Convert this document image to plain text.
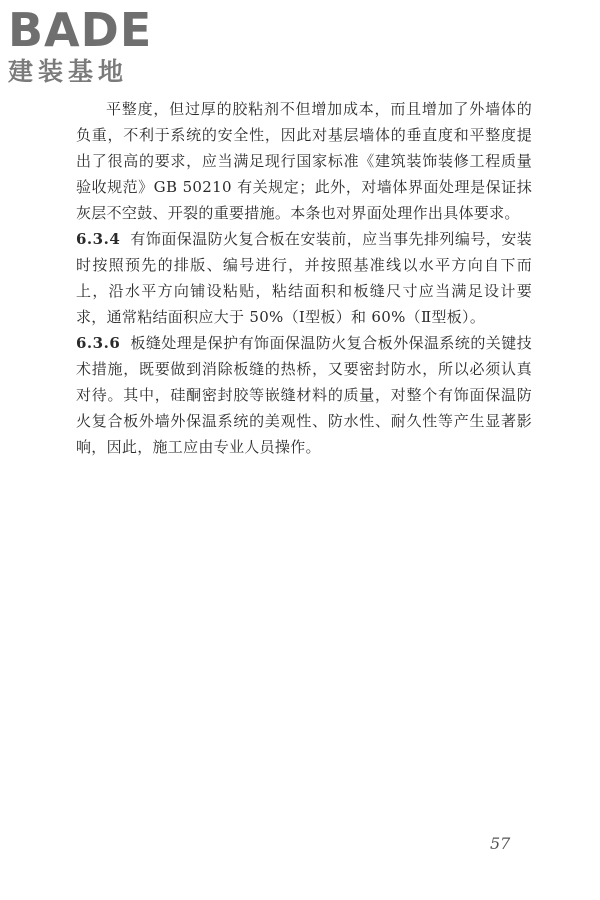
BADE
建装基地

平整度，但过厚的胶粘剂不但增加成本，而且增加了外墙体的负重，不利于系统的安全性，因此对基层墙体的垂直度和平整度提出了很高的要求，应当满足现行国家标准《建筑装饰装修工程质量验收规范》GB 50210 有关规定；此外，对墙体界面处理是保证抹灰层不空鼓、开裂的重要措施。本条也对界面处理作出具体要求。

6.3.4 有饰面保温防火复合板在安装前，应当事先排列编号，安装时按照预先的排版、编号进行，并按照基准线以水平方向自下而上，沿水平方向铺设粘贴，粘结面积和板缝尺寸应当满足设计要求，通常粘结面积应大于 50%（Ⅰ型板）和 60%（Ⅱ型板）。

6.3.6 板缝处理是保护有饰面保温防火复合板外保温系统的关键技术措施，既要做到消除板缝的热桥，又要密封防水，所以必须认真对待。其中，硅酮密封胶等嵌缝材料的质量，对整个有饰面保温防火复合板外墙外保温系统的美观性、防水性、耐久性等产生显著影响，因此，施工应由专业人员操作。

57
